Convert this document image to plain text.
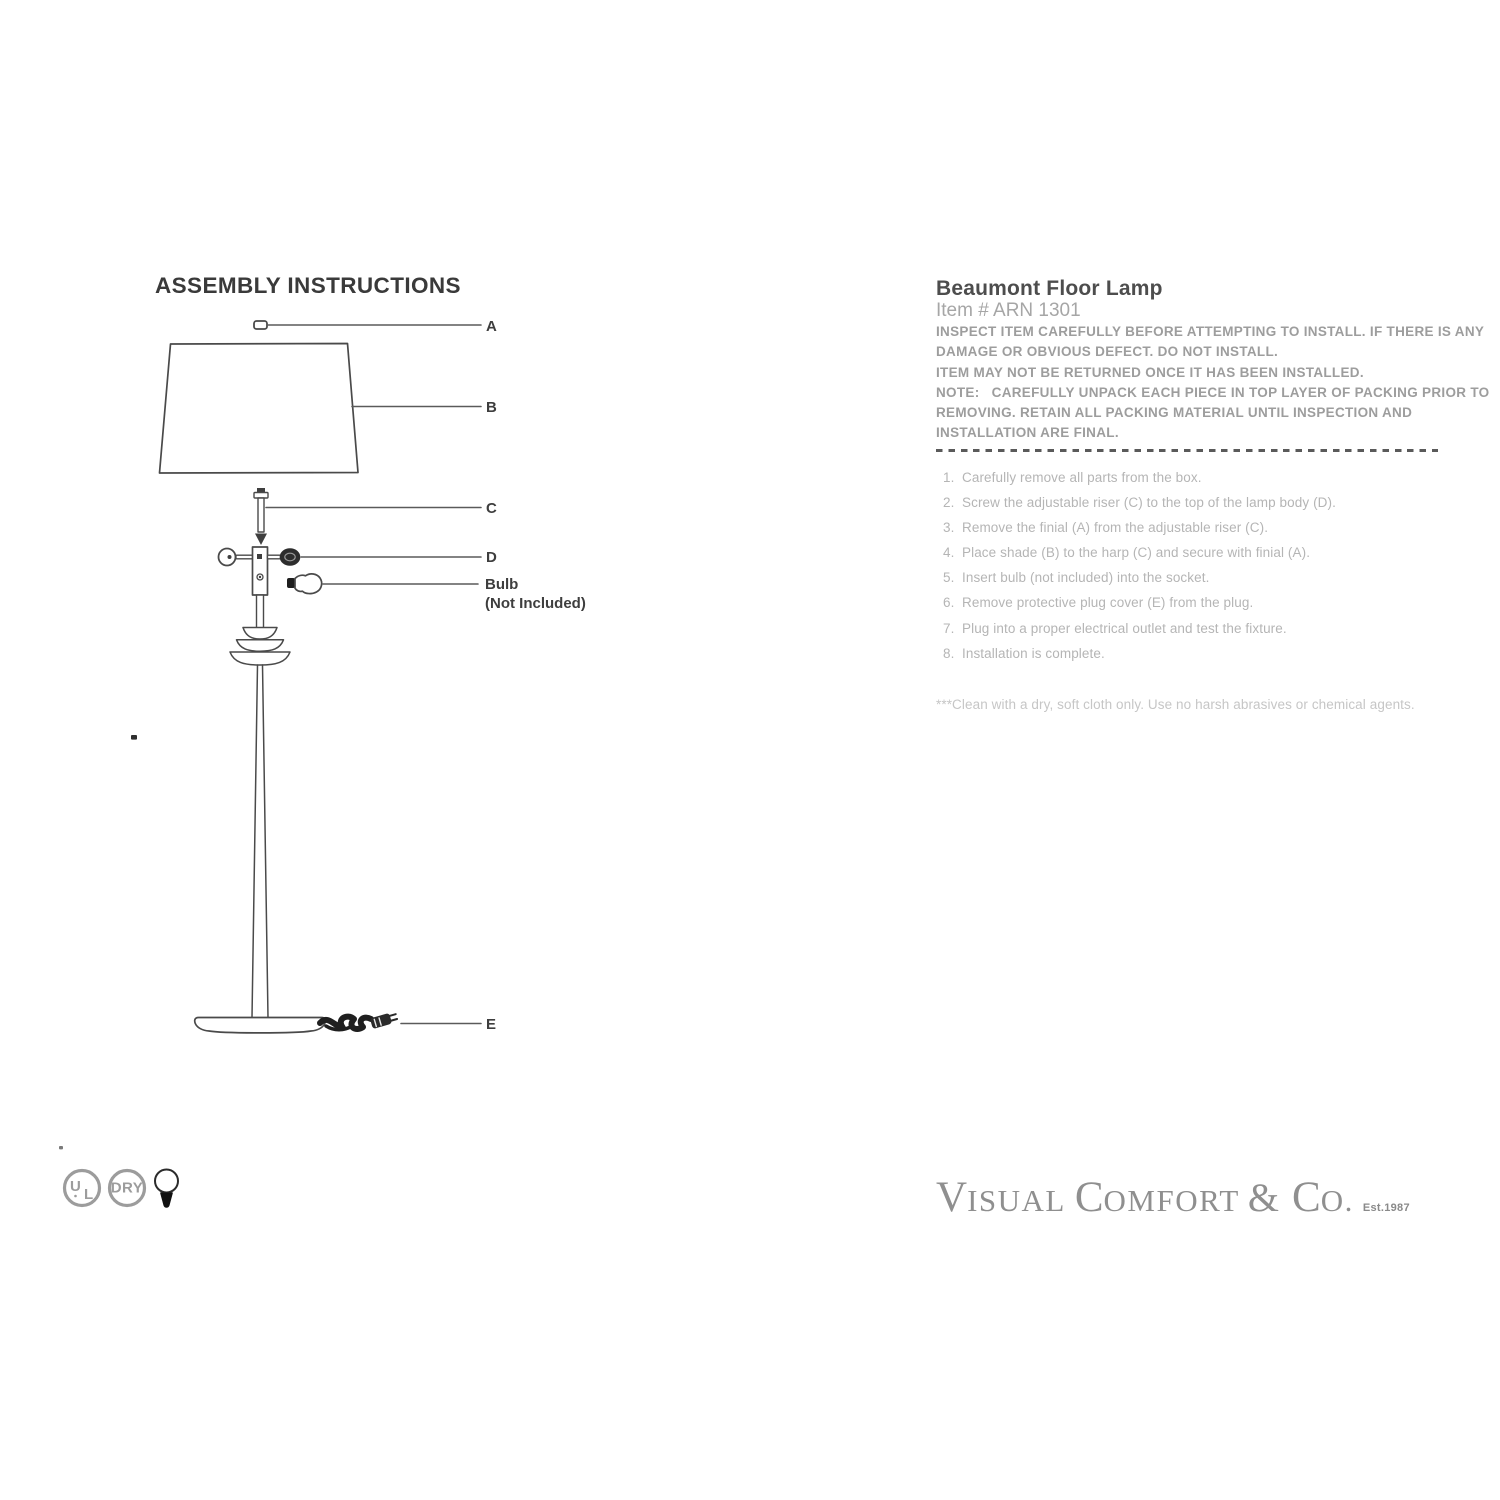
ASSEMBLY INSTRUCTIONS
U L DRY
A
B
C
D
Bulb
(Not Included)
E
Beaumont Floor Lamp
Item # ARN 1301
INSPECT ITEM CAREFULLY BEFORE ATTEMPTING TO INSTALL. IF THERE IS ANY
DAMAGE OR OBVIOUS DEFECT. DO NOT INSTALL.
ITEM MAY NOT BE RETURNED ONCE IT HAS BEEN INSTALLED.
NOTE:   CAREFULLY UNPACK EACH PIECE IN TOP LAYER OF PACKING PRIOR TO
REMOVING. RETAIN ALL PACKING MATERIAL UNTIL INSPECTION AND
INSTALLATION ARE FINAL.
1. Carefully remove all parts from the box.
2. Screw the adjustable riser (C) to the top of the lamp body (D).
3. Remove the finial (A) from the adjustable riser (C).
4. Place shade (B) to the harp (C) and secure with finial (A).
5. Insert bulb (not included) into the socket.
6. Remove protective plug cover (E) from the plug.
7. Plug into a proper electrical outlet and test the fixture.
8. Installation is complete.
***Clean with a dry, soft cloth only. Use no harsh abrasives or chemical agents.
VISUAL COMFORT & CO. Est.1987
